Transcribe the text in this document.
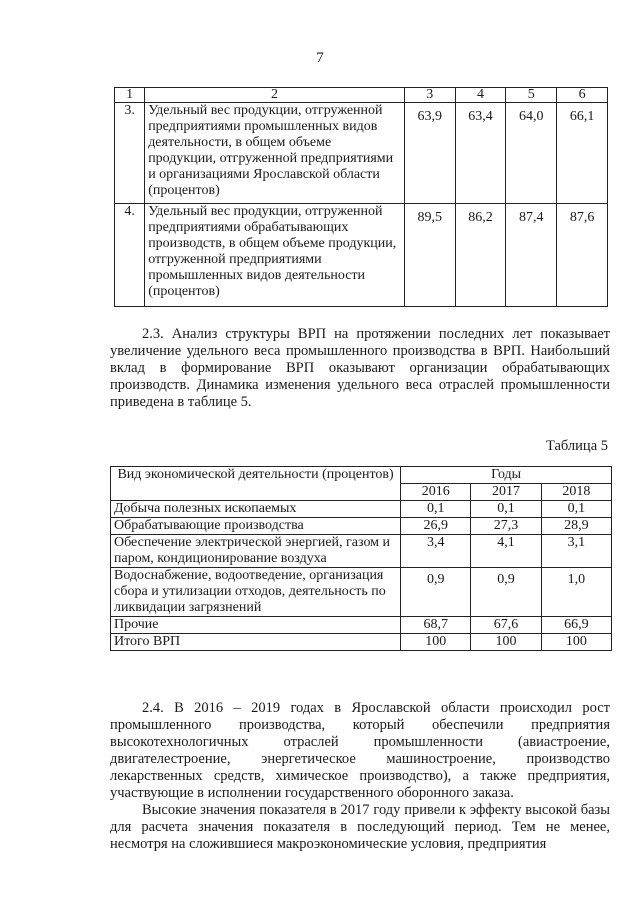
7
1	2	3	4	5	6
3.	Удельный вес продукции, отгруженной предприятиями промышленных видов деятельности, в общем объеме продукции, отгруженной предприятиями и организациями Ярославской области (процентов)	63,9	63,4	64,0	66,1
4.	Удельный вес продукции, отгруженной предприятиями обрабатывающих производств, в общем объеме продукции, отгруженной предприятиями промышленных видов деятельности (процентов)	89,5	86,2	87,4	87,6
2.3. Анализ структуры ВРП на протяжении последних лет показывает увеличение удельного веса промышленного производства в ВРП. Наибольший вклад в формирование ВРП оказывают организации обрабатывающих производств. Динамика изменения удельного веса отраслей промышленности приведена в таблице 5.
Таблица 5
Вид экономической деятельности (процентов)	Годы		
	2016	2017	2018
Добыча полезных ископаемых	0,1	0,1	0,1
Обрабатывающие производства	26,9	27,3	28,9
Обеспечение электрической энергией, газом и паром, кондиционирование воздуха	3,4	4,1	3,1
Водоснабжение, водоотведение, организация сбора и утилизации отходов, деятельность по ликвидации загрязнений	0,9	0,9	1,0
Прочие	68,7	67,6	66,9
Итого ВРП	100	100	100
2.4. В 2016 – 2019 годах в Ярославской области происходил рост промышленного производства, который обеспечили предприятия высокотехнологичных отраслей промышленности (авиастроение, двигателестроение, энергетическое машиностроение, производство лекарственных средств, химическое производство), а также предприятия, участвующие в исполнении государственного оборонного заказа.
Высокие значения показателя в 2017 году привели к эффекту высокой базы для расчета значения показателя в последующий период. Тем не менее, несмотря на сложившиеся макроэкономические условия, предприятия
